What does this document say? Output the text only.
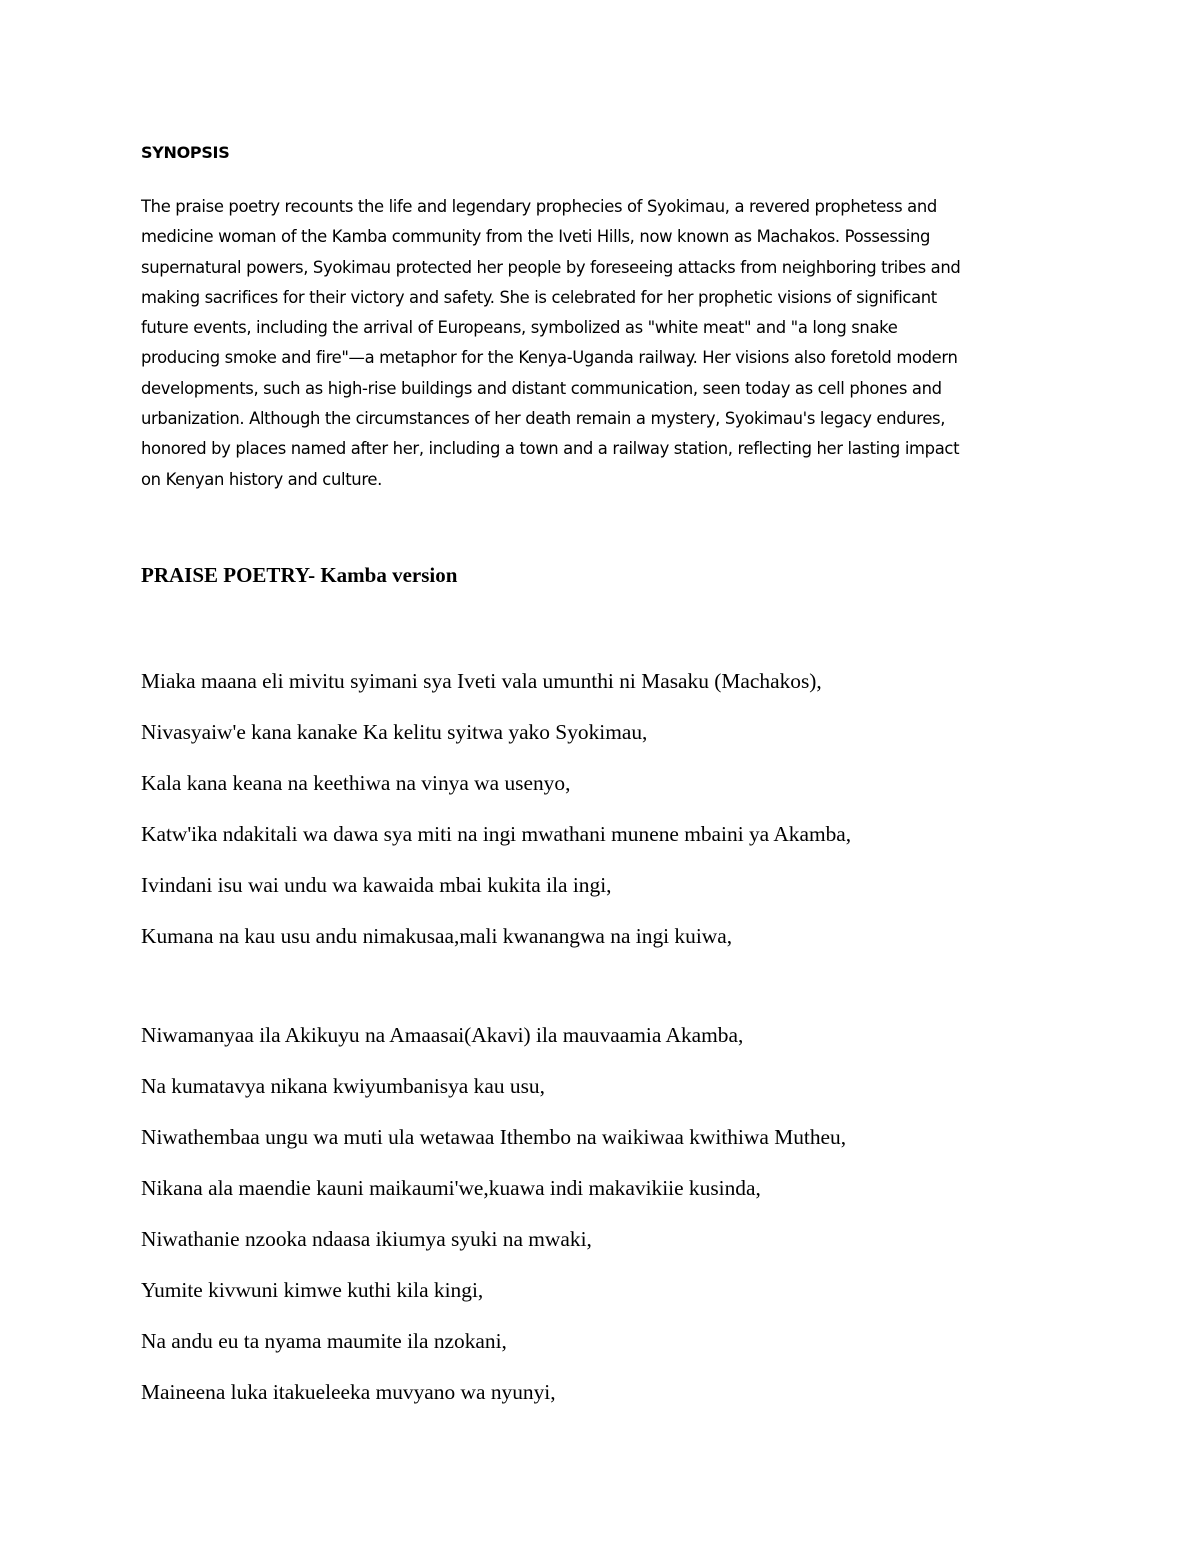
SYNOPSIS

The praise poetry recounts the life and legendary prophecies of Syokimau, a revered prophetess and
medicine woman of the Kamba community from the Iveti Hills, now known as Machakos. Possessing
supernatural powers, Syokimau protected her people by foreseeing attacks from neighboring tribes and
making sacrifices for their victory and safety. She is celebrated for her prophetic visions of significant
future events, including the arrival of Europeans, symbolized as "white meat" and "a long snake
producing smoke and fire"—a metaphor for the Kenya-Uganda railway. Her visions also foretold modern
developments, such as high-rise buildings and distant communication, seen today as cell phones and
urbanization. Although the circumstances of her death remain a mystery, Syokimau's legacy endures,
honored by places named after her, including a town and a railway station, reflecting her lasting impact
on Kenyan history and culture.

PRAISE POETRY- Kamba version
Miaka maana eli mivitu syimani sya Iveti vala umunthi ni Masaku (Machakos),
Nivasyaiw'e kana kanake Ka kelitu syitwa yako Syokimau,
Kala kana keana na keethiwa na vinya wa usenyo,
Katw'ika ndakitali wa dawa sya miti na ingi mwathani munene mbaini ya Akamba,
Ivindani isu wai undu wa kawaida mbai kukita ila ingi,
Kumana na kau usu andu nimakusaa,mali kwanangwa na ingi kuiwa,
Niwamanyaa ila Akikuyu na Amaasai(Akavi) ila mauvaamia Akamba,
Na kumatavya nikana kwiyumbanisya kau usu,
Niwathembaa ungu wa muti ula wetawaa Ithembo na waikiwaa kwithiwa Mutheu,
Nikana ala maendie kauni maikaumi'we,kuawa indi makavikiie kusinda,
Niwathanie nzooka ndaasa ikiumya syuki na mwaki,
Yumite kivwuni kimwe kuthi kila kingi,
Na andu eu ta nyama maumite ila nzokani,
Maineena luka itakueleeka muvyano wa nyunyi,
